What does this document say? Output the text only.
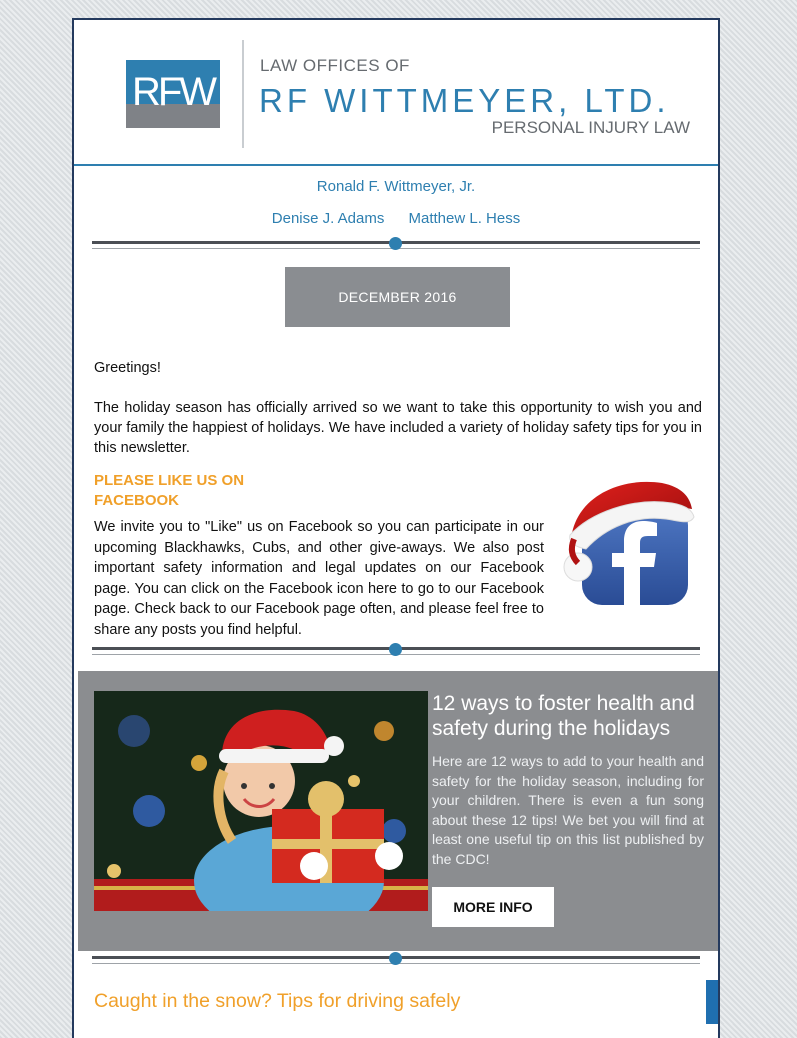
RFW
LAW OFFICES OF
RF WITTMEYER, LTD.
PERSONAL INJURY LAW
Ronald F. Wittmeyer, Jr.
Denise J. Adams Matthew L. Hess
DECEMBER 2016
Greetings!
The holiday season has officially arrived so we want to take this opportunity to wish you and your family the happiest of holidays. We have included a variety of holiday safety tips for you in this newsletter.
PLEASE LIKE US ON FACEBOOK
We invite you to "Like" us on Facebook so you can participate in our upcoming Blackhawks, Cubs, and other give-aways. We also post important safety information and legal updates on our Facebook page. You can click on the Facebook icon here to go to our Facebook page. Check back to our Facebook page often, and please feel free to share any posts you find helpful.
12 ways to foster health and safety during the holidays
Here are 12 ways to add to your health and safety for the holiday season, including for your children. There is even a fun song about these 12 tips! We bet you will find at least one useful tip on this list published by the CDC!
MORE INFO
Caught in the snow? Tips for driving safely
